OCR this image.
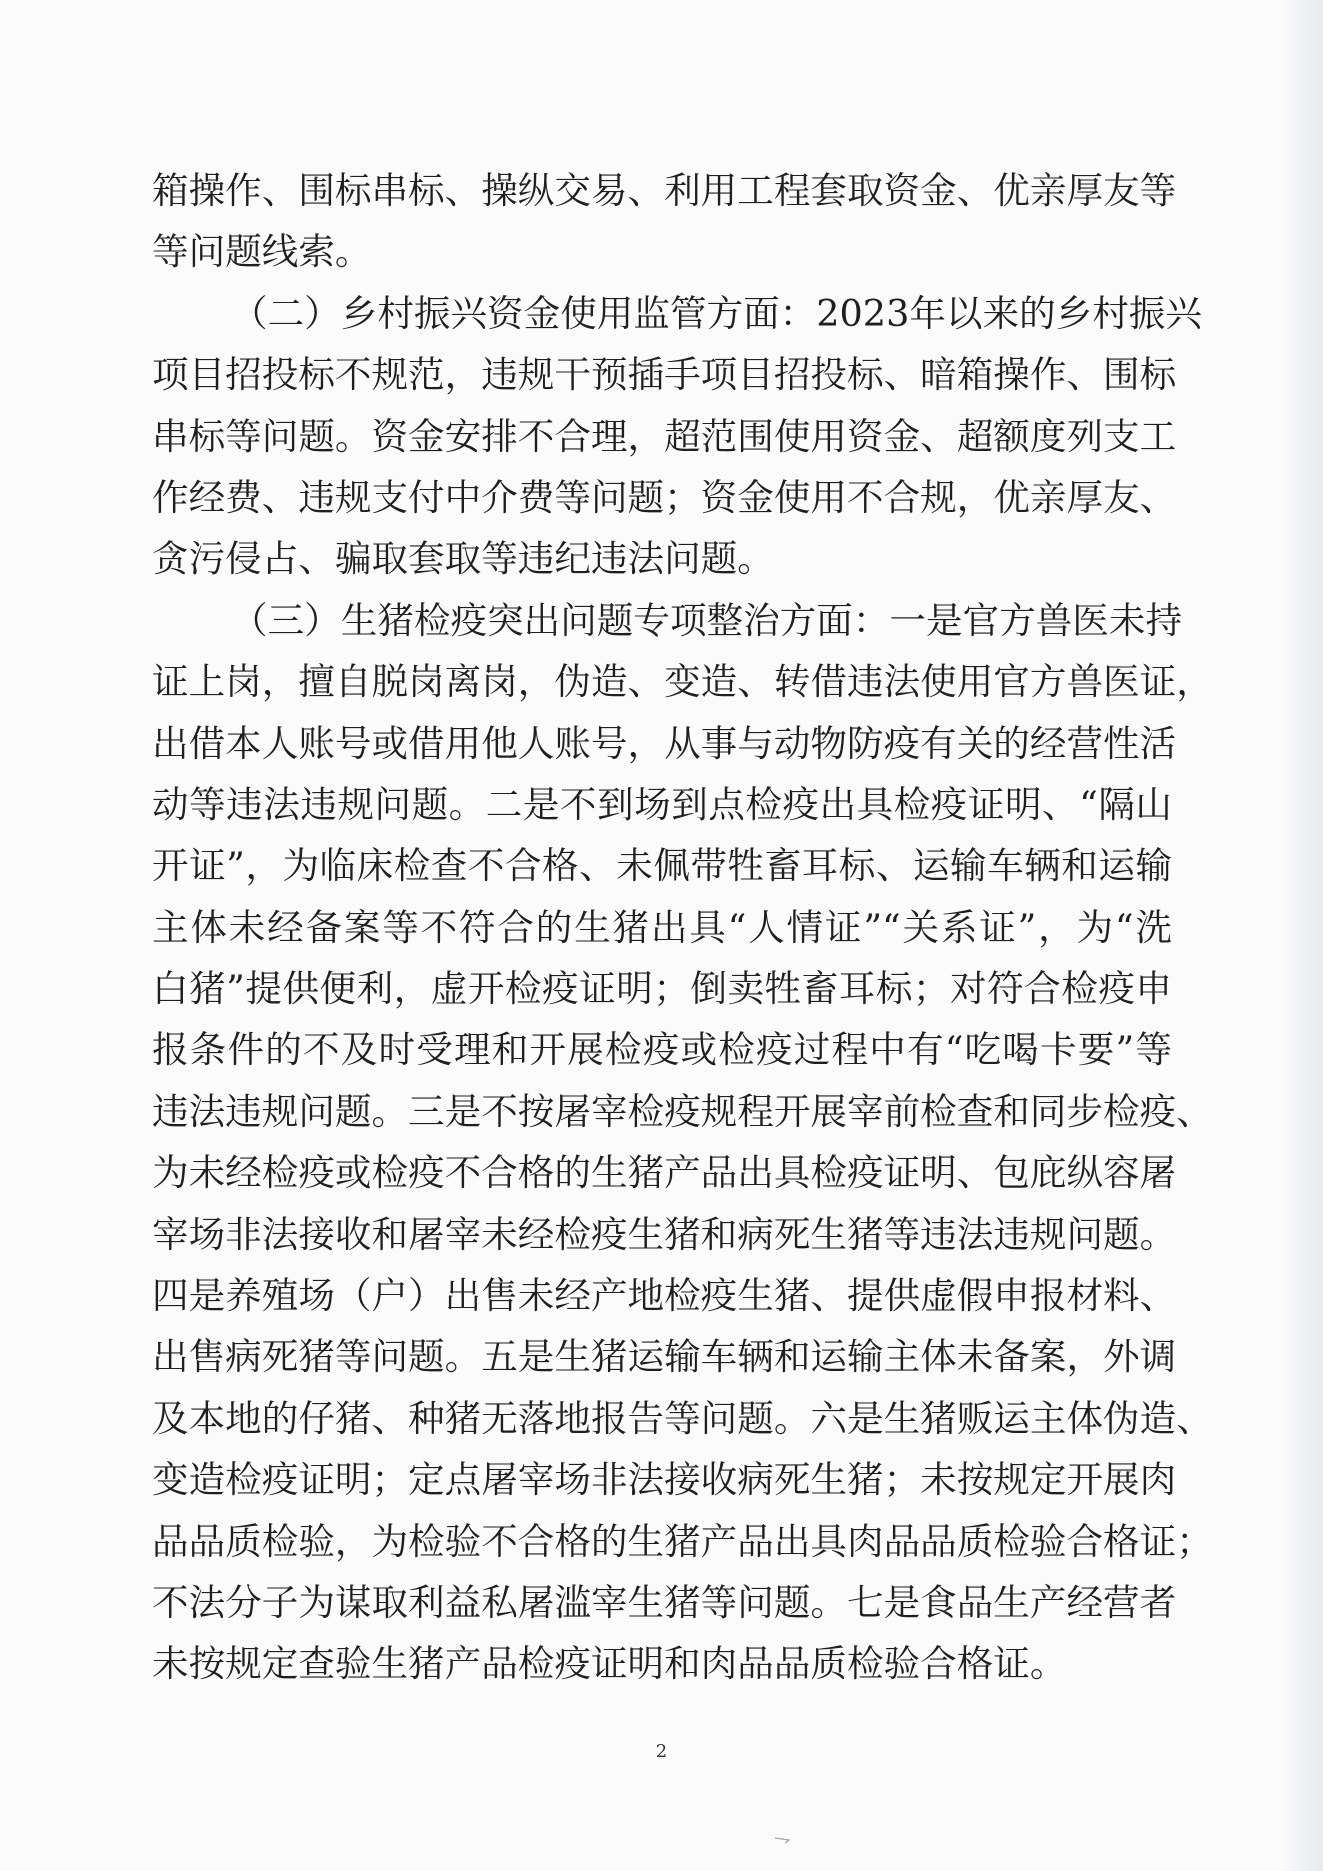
箱操作、围标串标、操纵交易、利用工程套取资金、优亲厚友等
等问题线索。
（二）乡村振兴资金使用监管方面：2023年以来的乡村振兴
项目招投标不规范，违规干预插手项目招投标、暗箱操作、围标
串标等问题。资金安排不合理，超范围使用资金、超额度列支工
作经费、违规支付中介费等问题；资金使用不合规，优亲厚友、
贪污侵占、骗取套取等违纪违法问题。
（三）生猪检疫突出问题专项整治方面：一是官方兽医未持
证上岗，擅自脱岗离岗，伪造、变造、转借违法使用官方兽医证，
出借本人账号或借用他人账号，从事与动物防疫有关的经营性活
动等违法违规问题。二是不到场到点检疫出具检疫证明、“隔山
开证”，为临床检查不合格、未佩带牲畜耳标、运输车辆和运输
主体未经备案等不符合的生猪出具“人情证”“关系证”，为“洗
白猪”提供便利，虚开检疫证明；倒卖牲畜耳标；对符合检疫申
报条件的不及时受理和开展检疫或检疫过程中有“吃喝卡要”等
违法违规问题。三是不按屠宰检疫规程开展宰前检查和同步检疫、
为未经检疫或检疫不合格的生猪产品出具检疫证明、包庇纵容屠
宰场非法接收和屠宰未经检疫生猪和病死生猪等违法违规问题。
四是养殖场（户）出售未经产地检疫生猪、提供虚假申报材料、
出售病死猪等问题。五是生猪运输车辆和运输主体未备案，外调
及本地的仔猪、种猪无落地报告等问题。六是生猪贩运主体伪造、
变造检疫证明；定点屠宰场非法接收病死生猪；未按规定开展肉
品品质检验，为检验不合格的生猪产品出具肉品品质检验合格证；
不法分子为谋取利益私屠滥宰生猪等问题。七是食品生产经营者
未按规定查验生猪产品检疫证明和肉品品质检验合格证。
2
